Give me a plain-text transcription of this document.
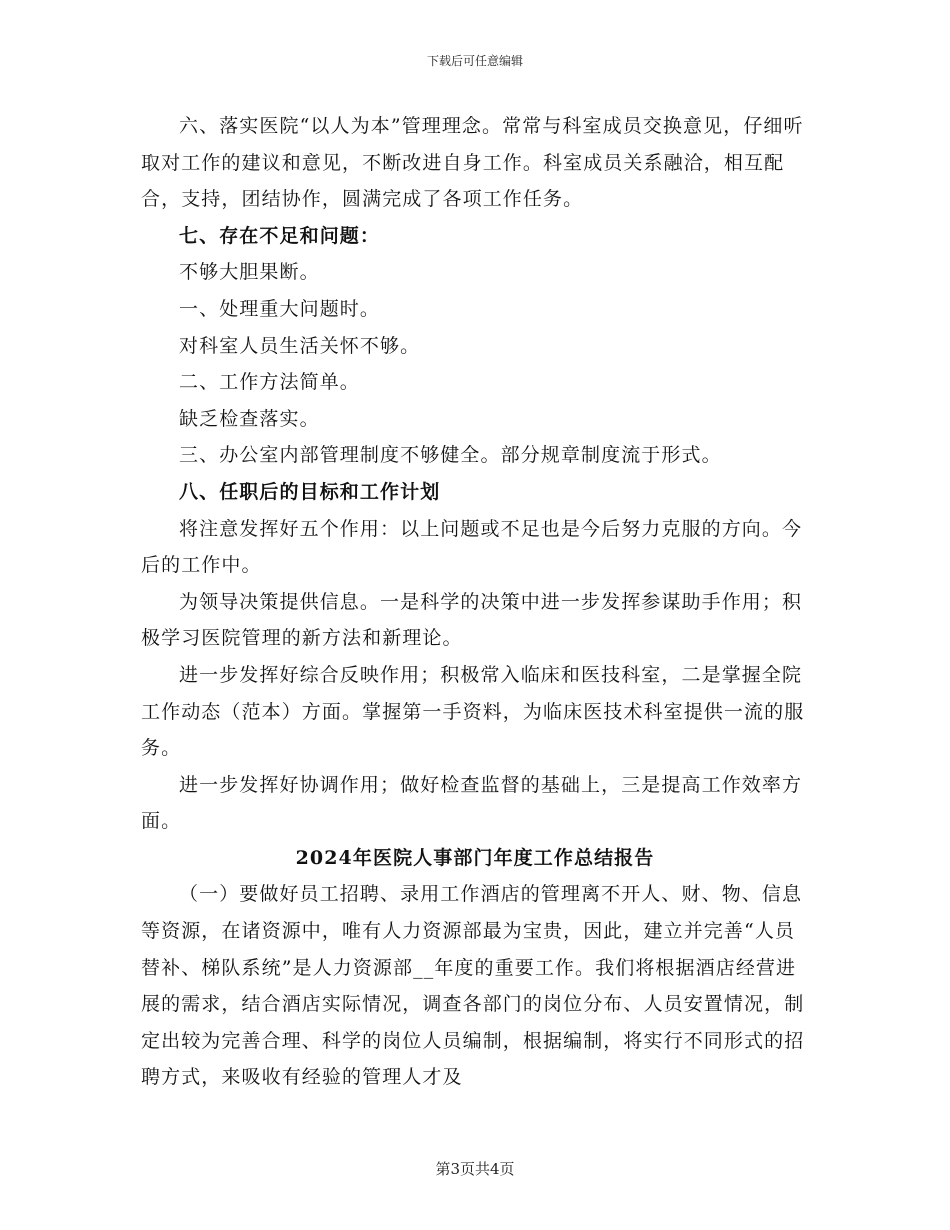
下载后可任意编辑

六、落实医院“以人为本”管理理念。常常与科室成员交换意见，仔细听取对工作的建议和意见，不断改进自身工作。科室成员关系融洽，相互配合，支持，团结协作，圆满完成了各项工作任务。

七、存在不足和问题：

不够大胆果断。

一、处理重大问题时。

对科室人员生活关怀不够。

二、工作方法简单。

缺乏检查落实。

三、办公室内部管理制度不够健全。部分规章制度流于形式。

八、任职后的目标和工作计划

将注意发挥好五个作用：以上问题或不足也是今后努力克服的方向。今后的工作中。

为领导决策提供信息。一是科学的决策中进一步发挥参谋助手作用；积极学习医院管理的新方法和新理论。

进一步发挥好综合反映作用；积极常入临床和医技科室，二是掌握全院工作动态（范本）方面。掌握第一手资料，为临床医技术科室提供一流的服务。

进一步发挥好协调作用；做好检查监督的基础上，三是提高工作效率方面。

2024年医院人事部门年度工作总结报告

（一）要做好员工招聘、录用工作酒店的管理离不开人、财、物、信息等资源，在诸资源中，唯有人力资源部最为宝贵，因此，建立并完善“人员替补、梯队系统”是人力资源部__年度的重要工作。我们将根据酒店经营进展的需求，结合酒店实际情况，调查各部门的岗位分布、人员安置情况，制定出较为完善合理、科学的岗位人员编制，根据编制，将实行不同形式的招聘方式，来吸收有经验的管理人才及

第3页共4页
